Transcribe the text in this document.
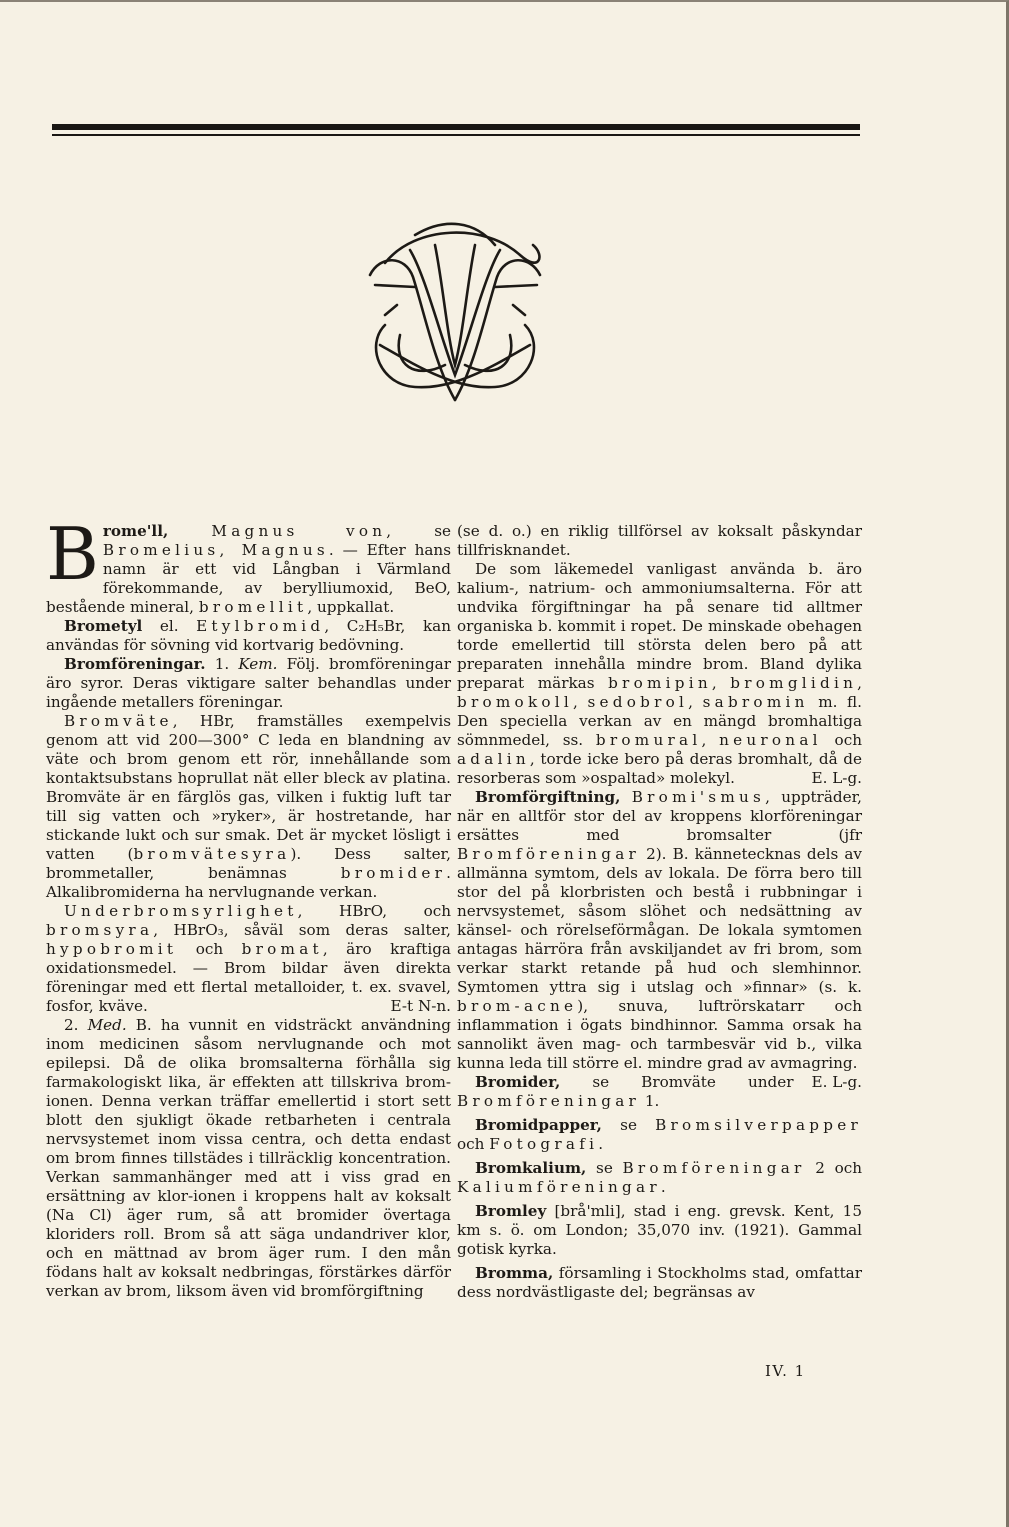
Brome'll,	Magnus von, se Bromelius, Magnus. — Efter hans namn är ett vid Långban i Värmland förekommande, av berylliumoxid, BeO, bestående mineral, bromellit, uppkallat.

Brometyl el. Etylbromid, C₂H₅Br, kan användas för sövning vid kortvarig bedövning.

Bromföreningar. 1. Kem. Följ. bromföreningar äro syror. Deras viktigare salter behandlas under ingående metallers föreningar.

Bromväte, HBr, framställes exempelvis genom att vid 200—300° C leda en blandning av väte och brom genom ett rör, innehållande som kontaktsubstans hoprullat nät eller bleck av platina. Bromväte är en färglös gas, vilken i fuktig luft tar till sig vatten och »ryker», är hostretande, har stickande lukt och sur smak. Det är mycket lösligt i vatten (bromvätesyra). Dess salter, brommetaller, benämnas bromider. Alkalibromiderna ha nervlugnande verkan.

Underbromsyrlighet, HBrO, och bromsyra, HBrO₃, såväl som deras salter, hypobromit och bromat, äro kraftiga oxidationsmedel. — Brom bildar även direkta föreningar med ett flertal metalloider, t. ex. svavel, fosfor, kväve.	E-t N-n.

2. Med. B. ha vunnit en vidsträckt användning inom medicinen såsom nervlugnande och mot epilepsi. Då de olika bromsalterna förhålla sig farmakologiskt lika, är effekten att tillskriva brom-ionen. Denna verkan träffar emellertid i stort sett blott den sjukligt ökade retbarheten i centrala nervsystemet inom vissa centra, och detta endast om brom finnes tillstädes i tillräcklig koncentration. Verkan sammanhänger med att i viss grad en ersättning av klor-ionen i kroppens halt av koksalt (Na Cl) äger rum, så att bromider övertaga kloriders roll. Brom så att säga undandriver klor, och en mättnad av brom äger rum. I den mån födans halt av koksalt nedbringas, förstärkes därför verkan av brom, liksom även vid bromförgiftning

(se d. o.) en riklig tillförsel av koksalt påskyndar tillfrisknandet.

De som läkemedel vanligast använda b. äro kalium-, natrium- och ammoniumsalterna. För att undvika förgiftningar ha på senare tid alltmer organiska b. kommit i ropet. De minskade obehagen torde emellertid till största delen bero på att preparaten innehålla mindre brom. Bland dylika preparat märkas bromipin, bromglidin, bromokoll, sedobrol, sabromin m. fl. Den speciella verkan av en mängd bromhaltiga sömnmedel, ss. bromural, neuronal och adalin, torde icke bero på deras bromhalt, då de resorberas som »ospaltad» molekyl.	E. L-g.

Bromförgiftning, Bromi'smus, uppträder, när en alltför stor del av kroppens klorföreningar ersättes med bromsalter (jfr Bromföreningar 2). B. kännetecknas dels av allmänna symtom, dels av lokala. De förra bero till stor del på klorbristen och bestå i rubbningar i nervsystemet, såsom slöhet och nedsättning av känsel- och rörelseförmågan. De lokala symtomen antagas härröra från avskiljandet av fri brom, som verkar starkt retande på hud och slemhinnor. Symtomen yttra sig i utslag och »finnar» (s. k. brom-acne), snuva, luftrörskatarr och inflammation i ögats bindhinnor. Samma orsak ha sannolikt även mag- och tarmbesvär vid b., vilka kunna leda till större el. mindre grad av avmagring.
E. L-g.

Bromider, se Bromväte under Bromföreningar 1.

Bromidpapper, se Bromsilverpapper och Fotografi.

Bromkalium, se Bromföreningar 2 och Kaliumföreningar.

Bromley [brå'mli], stad i eng. grevsk. Kent, 15 km s. ö. om London; 35,070 inv. (1921). Gammal gotisk kyrka.

Bromma, församling i Stockholms stad, omfattar dess nordvästligaste del; begränsas av

IV. 1
